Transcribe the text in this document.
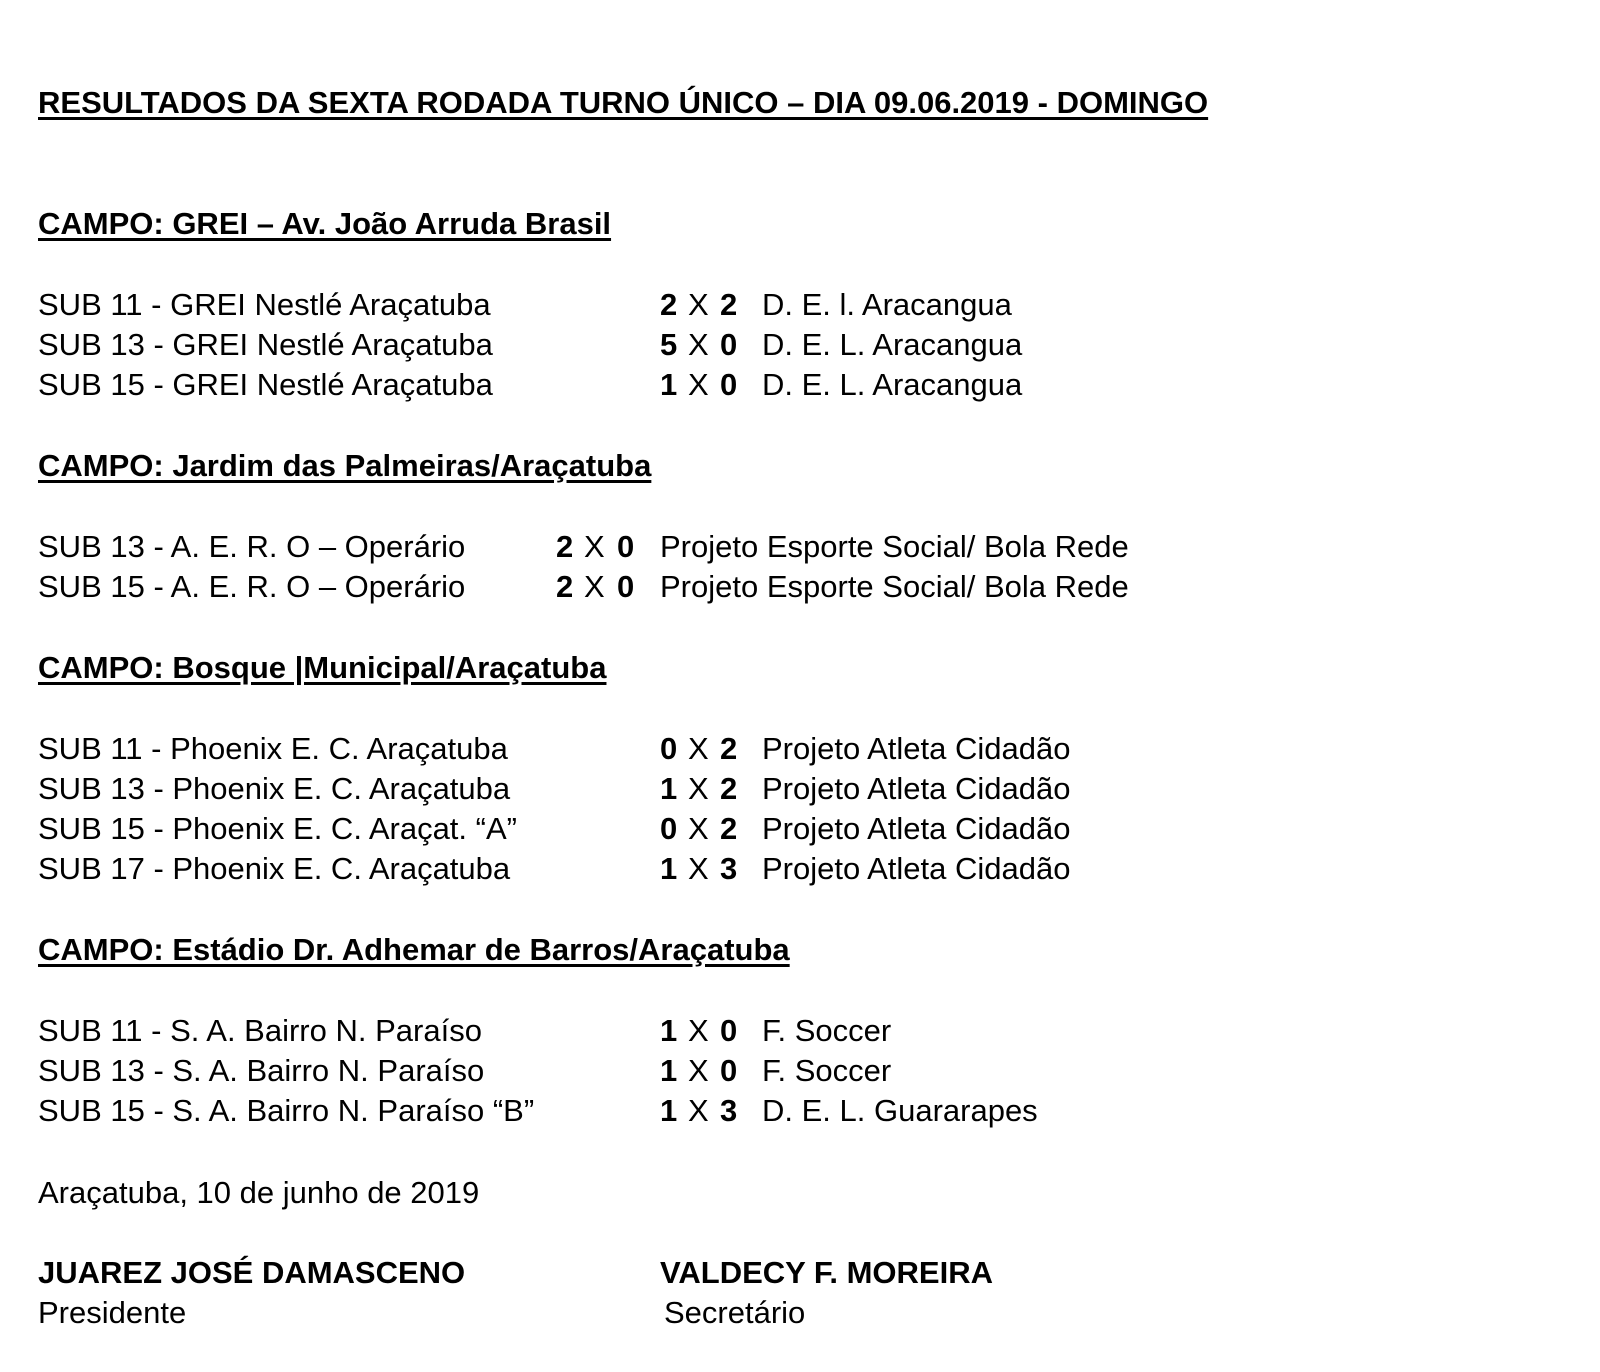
RESULTADOS DA SEXTA RODADA TURNO ÚNICO – DIA 09.06.2019 - DOMINGO
CAMPO: GREI – Av. João Arruda Brasil
SUB 11 - GREI Nestlé Araçatuba	2 X 2 D. E. l. Aracangua
SUB 13 - GREI Nestlé Araçatuba	5 X 0 D. E. L. Aracangua
SUB 15 - GREI Nestlé Araçatuba	1 X 0 D. E. L. Aracangua
CAMPO: Jardim das Palmeiras/Araçatuba
SUB 13 - A. E. R. O – Operário	2 X 0 Projeto Esporte Social/ Bola Rede
SUB 15 - A. E. R. O – Operário	2 X 0 Projeto Esporte Social/ Bola Rede
CAMPO: Bosque |Municipal/Araçatuba
SUB 11 - Phoenix E. C. Araçatuba	0 X 2 Projeto Atleta Cidadão
SUB 13 - Phoenix E. C. Araçatuba	1 X 2 Projeto Atleta Cidadão
SUB 15 - Phoenix E. C. Araçat. “A”	0 X 2 Projeto Atleta Cidadão
SUB 17 - Phoenix E. C. Araçatuba	1 X 3 Projeto Atleta Cidadão
CAMPO: Estádio Dr. Adhemar de Barros/Araçatuba
SUB 11 - S. A. Bairro N. Paraíso	1 X 0 F. Soccer
SUB 13 - S. A. Bairro N. Paraíso	1 X 0 F. Soccer
SUB 15 - S. A. Bairro N. Paraíso “B”	1 X 3 D. E. L. Guararapes
Araçatuba, 10 de junho de 2019
JUAREZ JOSÉ DAMASCENO
Presidente
VALDECY F. MOREIRA
Secretário
